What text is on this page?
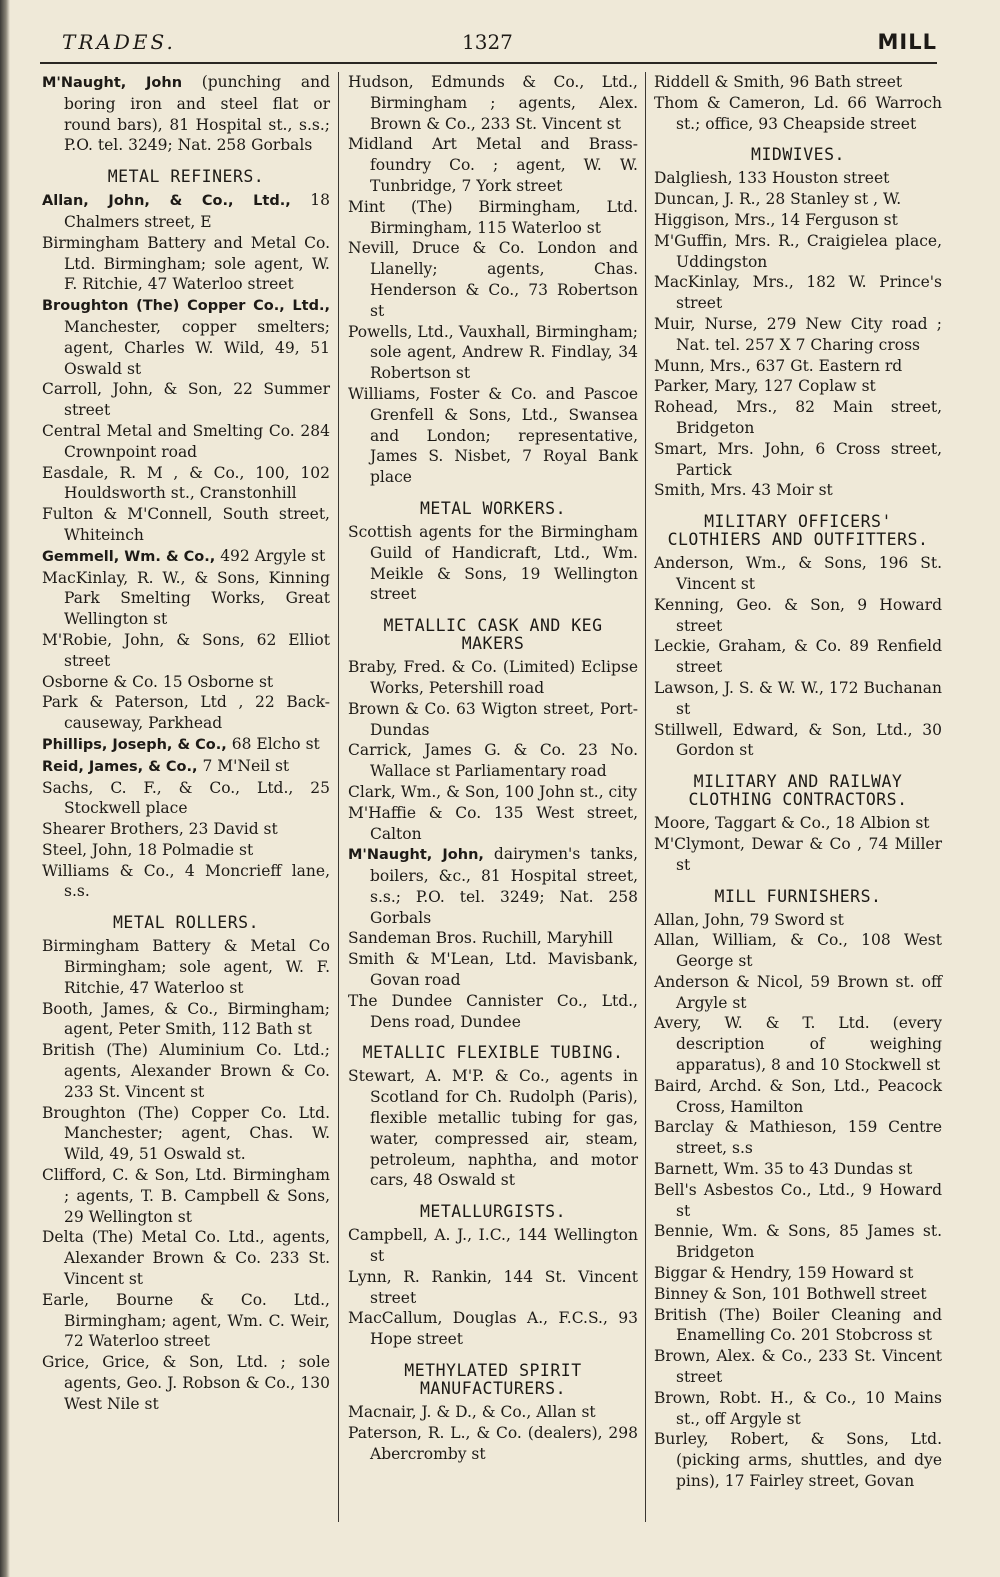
TRADES.	1327	MILL

M'Naught, John (punching and boring iron and steel flat or round bars), 81 Hospital st., s.s.; P.O. tel. 3249; Nat. 258 Gorbals

METAL REFINERS.

Allan, John, & Co., Ltd., 18 Chalmers street, E

Birmingham Battery and Metal Co. Ltd. Birmingham; sole agent, W. F. Ritchie, 47 Waterloo street

Broughton (The) Copper Co., Ltd., Manchester, copper smelters; agent, Charles W. Wild, 49, 51 Oswald st

Carroll, John, & Son, 22 Summer street

Central Metal and Smelting Co. 284 Crownpoint road

Easdale, R. M , & Co., 100, 102 Houldsworth st., Cranstonhill

Fulton & M'Connell, South street, Whiteinch

Gemmell, Wm. & Co., 492 Argyle st

MacKinlay, R. W., & Sons, Kinning Park Smelting Works, Great Wellington st

M'Robie, John, & Sons, 62 Elliot street

Osborne & Co. 15 Osborne st

Park & Paterson, Ltd , 22 Back-causeway, Parkhead

Phillips, Joseph, & Co., 68 Elcho st

Reid, James, & Co., 7 M'Neil st

Sachs, C. F., & Co., Ltd., 25 Stockwell place

Shearer Brothers, 23 David st

Steel, John, 18 Polmadie st

Williams & Co., 4 Moncrieff lane, s.s.

METAL ROLLERS.

Birmingham Battery & Metal Co Birmingham; sole agent, W. F. Ritchie, 47 Waterloo st

Booth, James, & Co., Birmingham; agent, Peter Smith, 112 Bath st

British (The) Aluminium Co. Ltd.; agents, Alexander Brown & Co. 233 St. Vincent st

Broughton (The) Copper Co. Ltd. Manchester; agent, Chas. W. Wild, 49, 51 Oswald st.

Clifford, C. & Son, Ltd. Birmingham ; agents, T. B. Campbell & Sons, 29 Wellington st

Delta (The) Metal Co. Ltd., agents, Alexander Brown & Co. 233 St. Vincent st

Earle, Bourne & Co. Ltd., Birmingham; agent, Wm. C. Weir, 72 Waterloo street

Grice, Grice, & Son, Ltd. ; sole agents, Geo. J. Robson & Co., 130 West Nile st

Hudson, Edmunds & Co., Ltd., Birmingham ; agents, Alex. Brown & Co., 233 St. Vincent st

Midland Art Metal and Brass-foundry Co. ; agent, W. W. Tunbridge, 7 York street

Mint (The) Birmingham, Ltd. Birmingham, 115 Waterloo st

Nevill, Druce & Co. London and Llanelly; agents, Chas. Henderson & Co., 73 Robertson st

Powells, Ltd., Vauxhall, Birmingham; sole agent, Andrew R. Findlay, 34 Robertson st

Williams, Foster & Co. and Pascoe Grenfell & Sons, Ltd., Swansea and London; representative, James S. Nisbet, 7 Royal Bank place

METAL WORKERS.

Scottish agents for the Birmingham Guild of Handicraft, Ltd., Wm. Meikle & Sons, 19 Wellington street

METALLIC CASK AND KEG MAKERS

Braby, Fred. & Co. (Limited) Eclipse Works, Petershill road

Brown & Co. 63 Wigton street, Port-Dundas

Carrick, James G. & Co. 23 No. Wallace st Parliamentary road

Clark, Wm., & Son, 100 John st., city

M'Haffie & Co. 135 West street, Calton

M'Naught, John, dairymen's tanks, boilers, &c., 81 Hospital street, s.s.; P.O. tel. 3249; Nat. 258 Gorbals

Sandeman Bros. Ruchill, Maryhill

Smith & M'Lean, Ltd. Mavisbank, Govan road

The Dundee Cannister Co., Ltd., Dens road, Dundee

METALLIC FLEXIBLE TUBING.

Stewart, A. M'P. & Co., agents in Scotland for Ch. Rudolph (Paris), flexible metallic tubing for gas, water, compressed air, steam, petroleum, naphtha, and motor cars, 48 Oswald st

METALLURGISTS.

Campbell, A. J., I.C., 144 Wellington st

Lynn, R. Rankin, 144 St. Vincent street

MacCallum, Douglas A., F.C.S., 93 Hope street

METHYLATED SPIRIT MANUFACTURERS.

Macnair, J. & D., & Co., Allan st

Paterson, R. L., & Co. (dealers), 298 Abercromby st

Riddell & Smith, 96 Bath street

Thom & Cameron, Ld. 66 Warroch st.; office, 93 Cheapside street

MIDWIVES.

Dalgliesh, 133 Houston street

Duncan, J. R., 28 Stanley st , W.

Higgison, Mrs., 14 Ferguson st

M'Guffin, Mrs. R., Craigielea place, Uddingston

MacKinlay, Mrs., 182 W. Prince's street

Muir, Nurse, 279 New City road ; Nat. tel. 257 X 7 Charing cross

Munn, Mrs., 637 Gt. Eastern rd

Parker, Mary, 127 Coplaw st

Rohead, Mrs., 82 Main street, Bridgeton

Smart, Mrs. John, 6 Cross street, Partick

Smith, Mrs. 43 Moir st

MILITARY OFFICERS' CLOTHIERS AND OUTFITTERS.

Anderson, Wm., & Sons, 196 St. Vincent st

Kenning, Geo. & Son, 9 Howard street

Leckie, Graham, & Co. 89 Renfield street

Lawson, J. S. & W. W., 172 Buchanan st

Stillwell, Edward, & Son, Ltd., 30 Gordon st

MILITARY AND RAILWAY CLOTHING CONTRACTORS.

Moore, Taggart & Co., 18 Albion st

M'Clymont, Dewar & Co , 74 Miller st

MILL FURNISHERS.

Allan, John, 79 Sword st

Allan, William, & Co., 108 West George st

Anderson & Nicol, 59 Brown st. off Argyle st

Avery, W. & T. Ltd. (every description of weighing apparatus), 8 and 10 Stockwell st

Baird, Archd. & Son, Ltd., Peacock Cross, Hamilton

Barclay & Mathieson, 159 Centre street, s.s

Barnett, Wm. 35 to 43 Dundas st

Bell's Asbestos Co., Ltd., 9 Howard st

Bennie, Wm. & Sons, 85 James st. Bridgeton

Biggar & Hendry, 159 Howard st

Binney & Son, 101 Bothwell street

British (The) Boiler Cleaning and Enamelling Co. 201 Stobcross st

Brown, Alex. & Co., 233 St. Vincent street

Brown, Robt. H., & Co., 10 Mains st., off Argyle st

Burley, Robert, & Sons, Ltd. (picking arms, shuttles, and dye pins), 17 Fairley street, Govan
